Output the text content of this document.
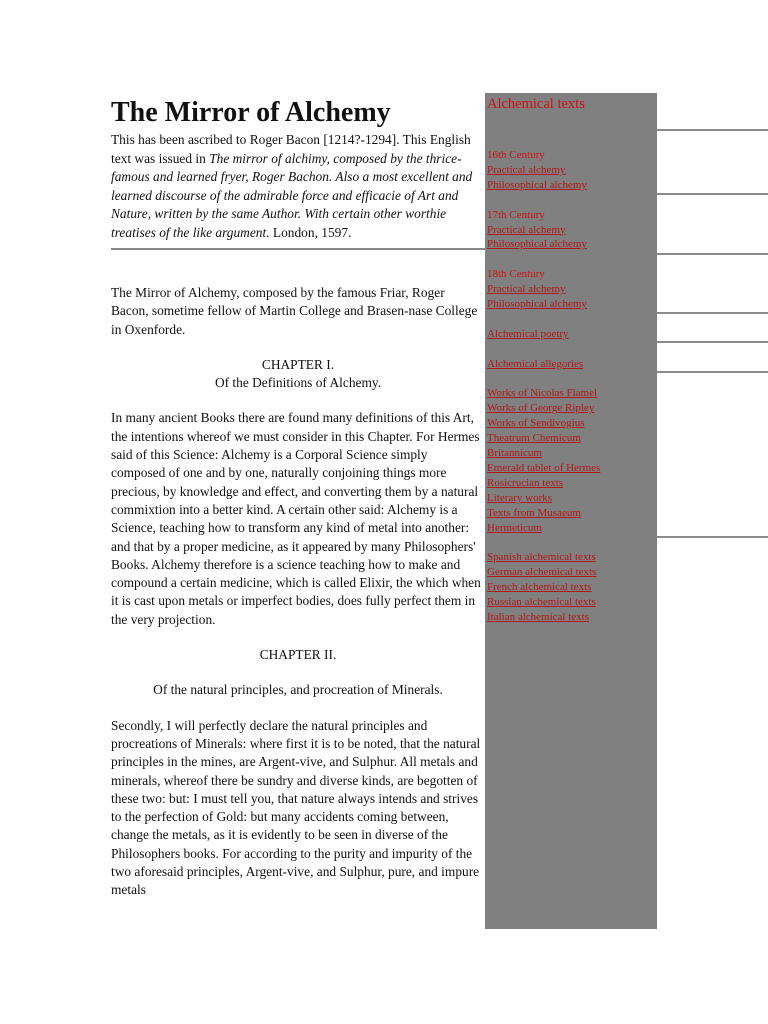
The Mirror of Alchemy

This has been ascribed to Roger Bacon [1214?-1294]. This English text was issued in The mirror of alchimy, composed by the thrice-famous and learned fryer, Roger Bachon. Also a most excellent and learned discourse of the admirable force and efficacie of Art and Nature, written by the same Author. With certain other worthie treatises of the like argument. London, 1597.

The Mirror of Alchemy, composed by the famous Friar, Roger Bacon, sometime fellow of Martin College and Brasen-nase College in Oxenforde.

CHAPTER I.

Of the Definitions of Alchemy.

In many ancient Books there are found many definitions of this Art, the intentions whereof we must consider in this Chapter. For Hermes said of this Science: Alchemy is a Corporal Science simply composed of one and by one, naturally conjoining things more precious, by knowledge and effect, and converting them by a natural commixtion into a better kind. A certain other said: Alchemy is a Science, teaching how to transform any kind of metal into another: and that by a proper medicine, as it appeared by many Philosophers' Books. Alchemy therefore is a science teaching how to make and compound a certain medicine, which is called Elixir, the which when it is cast upon metals or imperfect bodies, does fully perfect them in the very projection.

CHAPTER II.

Of the natural principles, and procreation of Minerals.

Secondly, I will perfectly declare the natural principles and procreations of Minerals: where first it is to be noted, that the natural principles in the mines, are Argent-vive, and Sulphur. All metals and minerals, whereof there be sundry and diverse kinds, are begotten of these two: but: I must tell you, that nature always intends and strives to the perfection of Gold: but many accidents coming between, change the metals, as it is evidently to be seen in diverse of the Philosophers books. For according to the purity and impurity of the two aforesaid principles, Argent-vive, and Sulphur, pure, and impure metals

Alchemical texts
16th Century
Practical alchemy
Philosophical alchemy
17th Century
Practical alchemy
Philosophical alchemy
18th Century
Practical alchemy
Philosophical alchemy
Alchemical poetry
Alchemical allegories
Works of Nicolas Flamel
Works of George Ripley
Works of Sendivogius
Theatrum Chemicum
Britannicum
Emerald tablet of Hermes
Rosicrucian texts
Literary works
Texts from Musaeum
Hermeticum
Spanish alchemical texts
German alchemical texts
French alchemical texts
Russian alchemical texts
Italian alchemical texts
